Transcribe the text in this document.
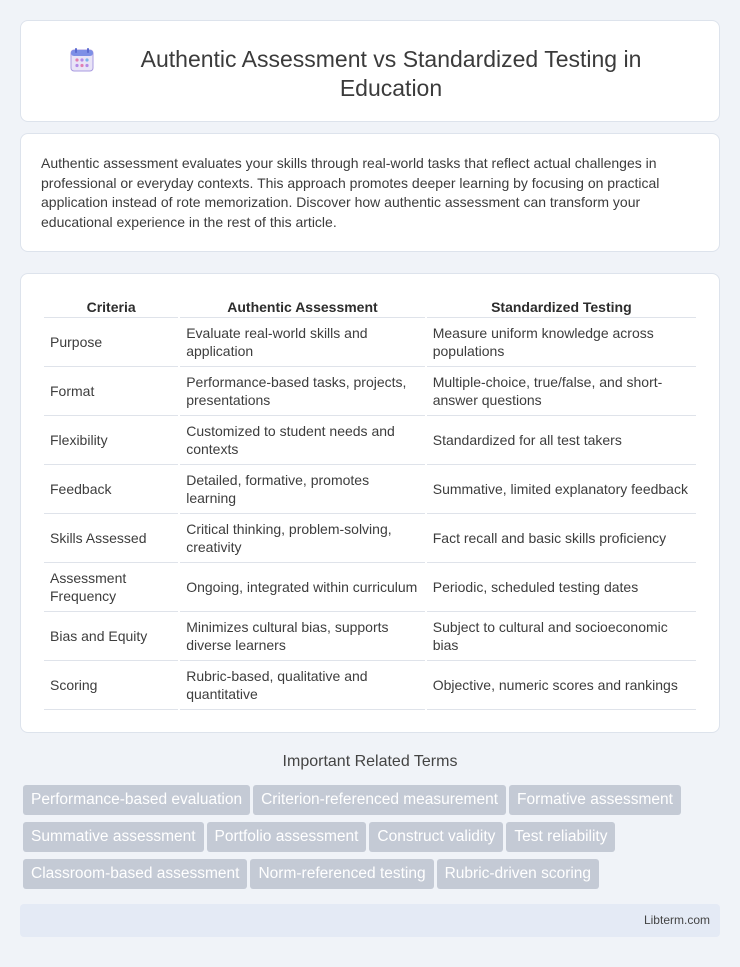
Authentic Assessment vs Standardized Testing in Education

Authentic assessment evaluates your skills through real-world tasks that reflect actual challenges in professional or everyday contexts. This approach promotes deeper learning by focusing on practical application instead of rote memorization. Discover how authentic assessment can transform your educational experience in the rest of this article.

Criteria	Authentic Assessment	Standardized Testing
Purpose	Evaluate real-world skills and application	Measure uniform knowledge across populations
Format	Performance-based tasks, projects, presentations	Multiple-choice, true/false, and short-answer questions
Flexibility	Customized to student needs and contexts	Standardized for all test takers
Feedback	Detailed, formative, promotes learning	Summative, limited explanatory feedback
Skills Assessed	Critical thinking, problem-solving, creativity	Fact recall and basic skills proficiency
Assessment Frequency	Ongoing, integrated within curriculum	Periodic, scheduled testing dates
Bias and Equity	Minimizes cultural bias, supports diverse learners	Subject to cultural and socioeconomic bias
Scoring	Rubric-based, qualitative and quantitative	Objective, numeric scores and rankings
Important Related Terms
Performance-based evaluation Criterion-referenced measurement Formative assessment
Summative assessment Portfolio assessment Construct validity Test reliability
Classroom-based assessment Norm-referenced testing Rubric-driven scoring
Libterm.com
